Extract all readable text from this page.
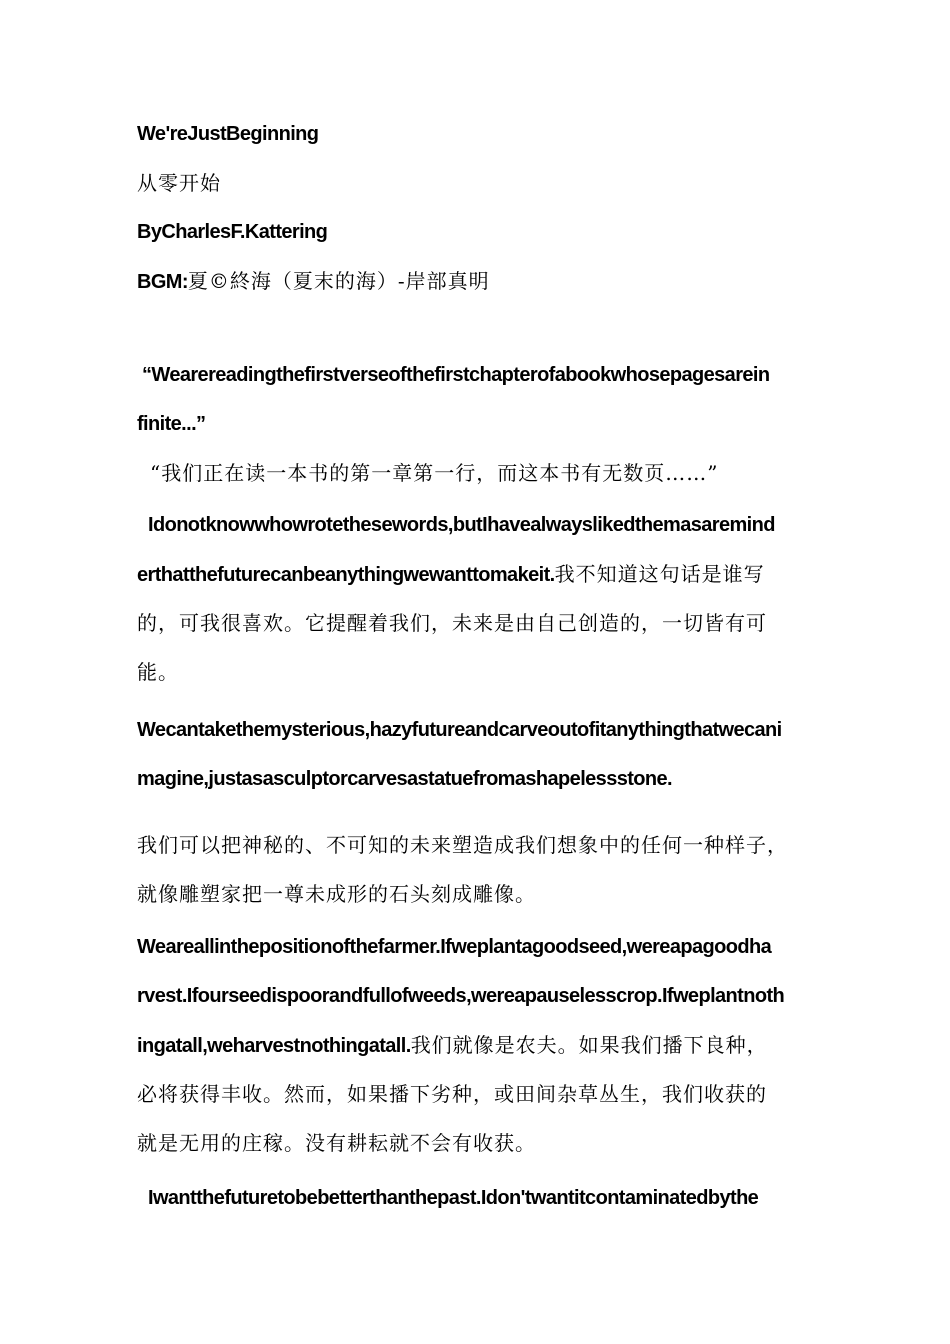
We'reJustBeginning
从零开始
ByCharlesF.Kattering
BGM:夏©終海（夏末的海）-岸部真明
“Wearereadingthefirstverseofthefirstchapterofabookwhosepagesarein
finite...”
“我们正在读一本书的第一章第一行，而这本书有无数页……”
Idonotknowwhowrotethesewords,butIhavealwayslikedthemasaremind
erthatthefuturecanbeanythingwewanttomakeit.我不知道这句话是谁写
的，可我很喜欢。它提醒着我们，未来是由自己创造的，一切皆有可
能。
Wecantakethemysterious,hazyfutureandcarveoutofitanythingthatwecani
magine,justasasculptorcarvesastatuefromashapelessstone.
我们可以把神秘的、不可知的未来塑造成我们想象中的任何一种样子，
就像雕塑家把一尊未成形的石头刻成雕像。
Weareallinthepositionofthefarmer.Ifweplantagoodseed,wereapagoodha
rvest.Ifourseedispoorandfullofweeds,wereapauselesscrop.Ifweplantnoth
ingatall,weharvestnothingatall.我们就像是农夫。如果我们播下良种，
必将获得丰收。然而，如果播下劣种，或田间杂草丛生，我们收获的
就是无用的庄稼。没有耕耘就不会有收获。
Iwantthefuturetobebetterthanthepast.Idon'twantitcontaminatedbythe
